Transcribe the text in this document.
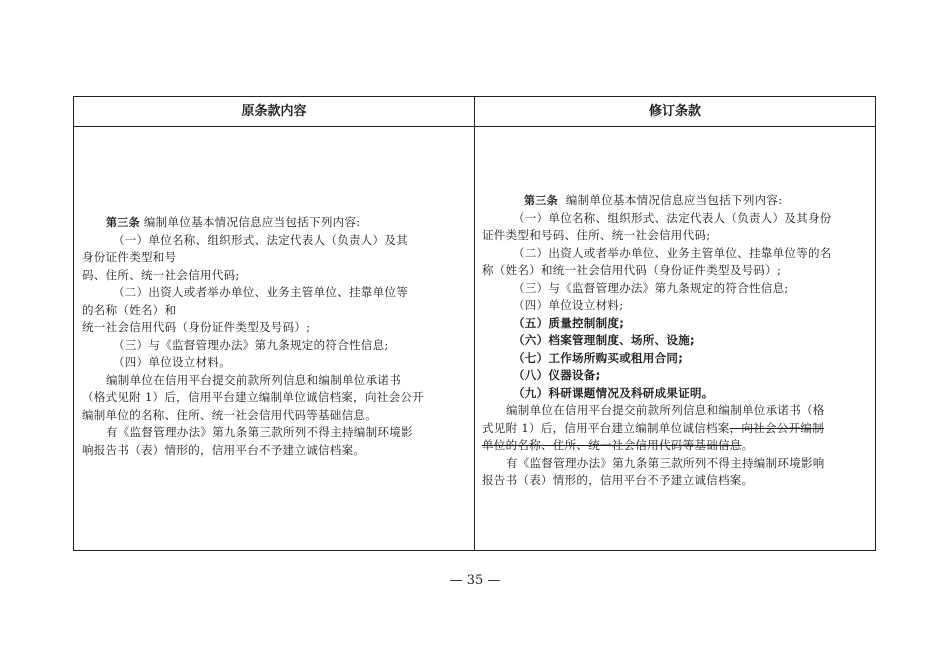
原条款内容	修订条款
第三条 编制单位基本情况信息应当包括下列内容:
（一）单位名称、组织形式、法定代表人（负责人）及其
身份证件类型和号
码、住所、统一社会信用代码;
（二）出资人或者举办单位、业务主管单位、挂靠单位等
的名称（姓名）和
统一社会信用代码（身份证件类型及号码）;
（三）与《监督管理办法》第九条规定的符合性信息;
（四）单位设立材料。
编制单位在信用平台提交前款所列信息和编制单位承诺书
（格式见附 1）后，信用平台建立编制单位诚信档案，向社会公开
编制单位的名称、住所、统一社会信用代码等基础信息。
有《监督管理办法》第九条第三款所列不得主持编制环境影
响报告书（表）情形的，信用平台不予建立诚信档案。
第三条 编制单位基本情况信息应当包括下列内容:
（一）单位名称、组织形式、法定代表人（负责人）及其身份
证件类型和号码、住所、统一社会信用代码;
（二）出资人或者举办单位、业务主管单位、挂靠单位等的名
称（姓名）和统一社会信用代码（身份证件类型及号码）;
（三）与《监督管理办法》第九条规定的符合性信息;
（四）单位设立材料;
（五）质量控制制度;
（六）档案管理制度、场所、设施;
（七）工作场所购买或租用合同;
（八）仪器设备;
（九）科研课题情况及科研成果证明。
编制单位在信用平台提交前款所列信息和编制单位承诺书（格
式见附 1）后，信用平台建立编制单位诚信档案，向社会公开编制
单位的名称、住所、统一社会信用代码等基础信息。
有《监督管理办法》第九条第三款所列不得主持编制环境影响
报告书（表）情形的，信用平台不予建立诚信档案。
— 35 —
